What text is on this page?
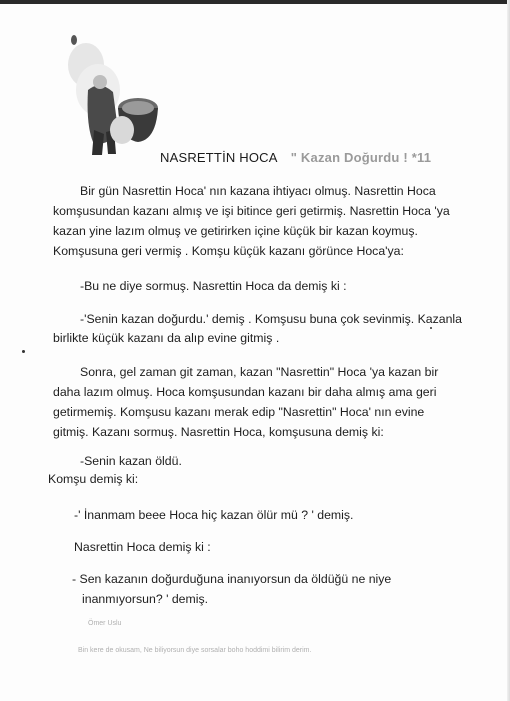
NASRETTİN HOCA " Kazan Doğurdu ! *11
Bir gün Nasrettin Hoca' nın kazana ihtiyacı olmuş. Nasrettin Hoca
komşusundan kazanı almış ve işi bitince geri getirmiş. Nasrettin Hoca 'ya
kazan yine lazım olmuş ve getirirken içine küçük bir kazan koymuş.
Komşusuna geri vermiş . Komşu küçük kazanı görünce Hoca'ya:
-Bu ne diye sormuş. Nasrettin Hoca da demiş ki :
-'Senin kazan doğurdu.' demiş . Komşusu buna çok sevinmiş. Kazanla
birlikte küçük kazanı da alıp evine gitmiş .
Sonra, gel zaman git zaman, kazan "Nasrettin" Hoca 'ya kazan bir
daha lazım olmuş. Hoca komşusundan kazanı bir daha almış ama geri
getirmemiş. Komşusu kazanı merak edip "Nasrettin" Hoca' nın evine
gitmiş. Kazanı sormuş. Nasrettin Hoca, komşusuna demiş ki:
-Senin kazan öldü.
Komşu demiş ki:
-' İnanmam beee Hoca hiç kazan ölür mü ? ' demiş.
Nasrettin Hoca demiş ki :
- Sen kazanın doğurduğuna inanıyorsun da öldüğü ne niye
inanmıyorsun? ' demiş.
Ömer Uslu
Bin kere de okusam, Ne biliyorsun diye sorsalar boho hoddimi bilirim derim.
